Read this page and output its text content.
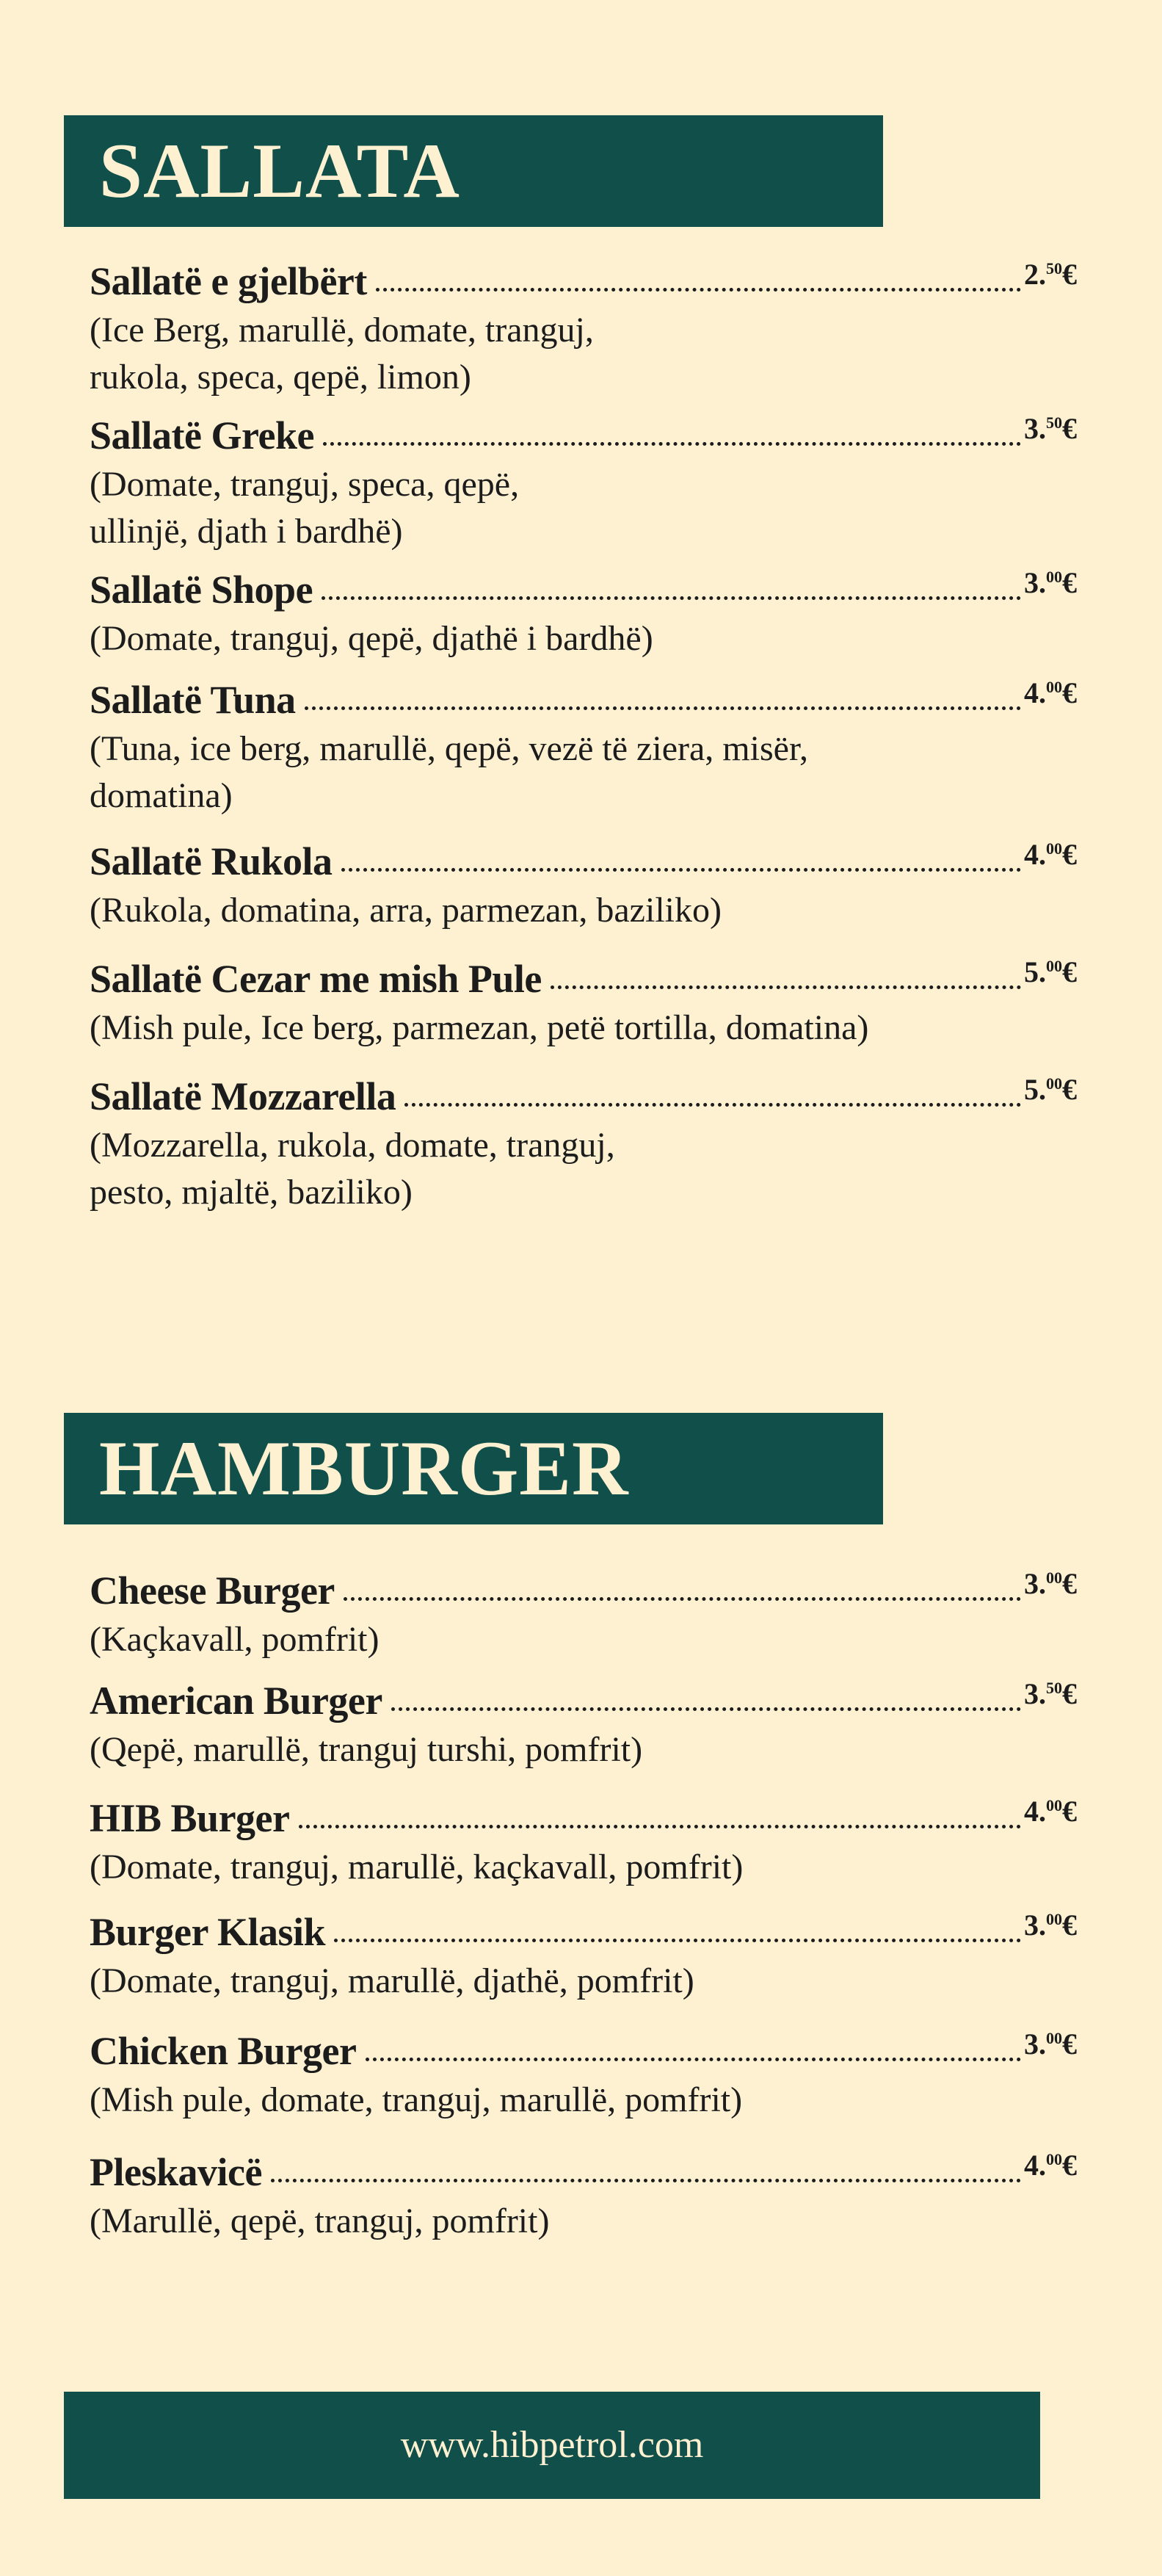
SALLATA
Sallatë e gjelbërt	2.50€
(Ice Berg, marullë, domate, tranguj,
rukola, speca, qepë, limon)
Sallatë Greke	3.50€
(Domate, tranguj, speca, qepë,
ullinjë, djath i bardhë)
Sallatë Shope	3.00€
(Domate, tranguj, qepë, djathë i bardhë)
Sallatë Tuna	4.00€
(Tuna, ice berg, marullë, qepë, vezë të ziera, misër,
domatina)
Sallatë Rukola	4.00€
(Rukola, domatina, arra, parmezan, baziliko)
Sallatë Cezar me mish Pule	5.00€
(Mish pule, Ice berg, parmezan, petë tortilla, domatina)
Sallatë Mozzarella	5.00€
(Mozzarella, rukola, domate, tranguj,
pesto, mjaltë, baziliko)
HAMBURGER
Cheese Burger	3.00€
(Kaçkavall, pomfrit)
American Burger	3.50€
(Qepë, marullë, tranguj turshi, pomfrit)
HIB Burger	4.00€
(Domate, tranguj, marullë, kaçkavall, pomfrit)
Burger Klasik	3.00€
(Domate, tranguj, marullë, djathë, pomfrit)
Chicken Burger	3.00€
(Mish pule, domate, tranguj, marullë, pomfrit)
Pleskavicë	4.00€
(Marullë, qepë, tranguj, pomfrit)
www.hibpetrol.com
